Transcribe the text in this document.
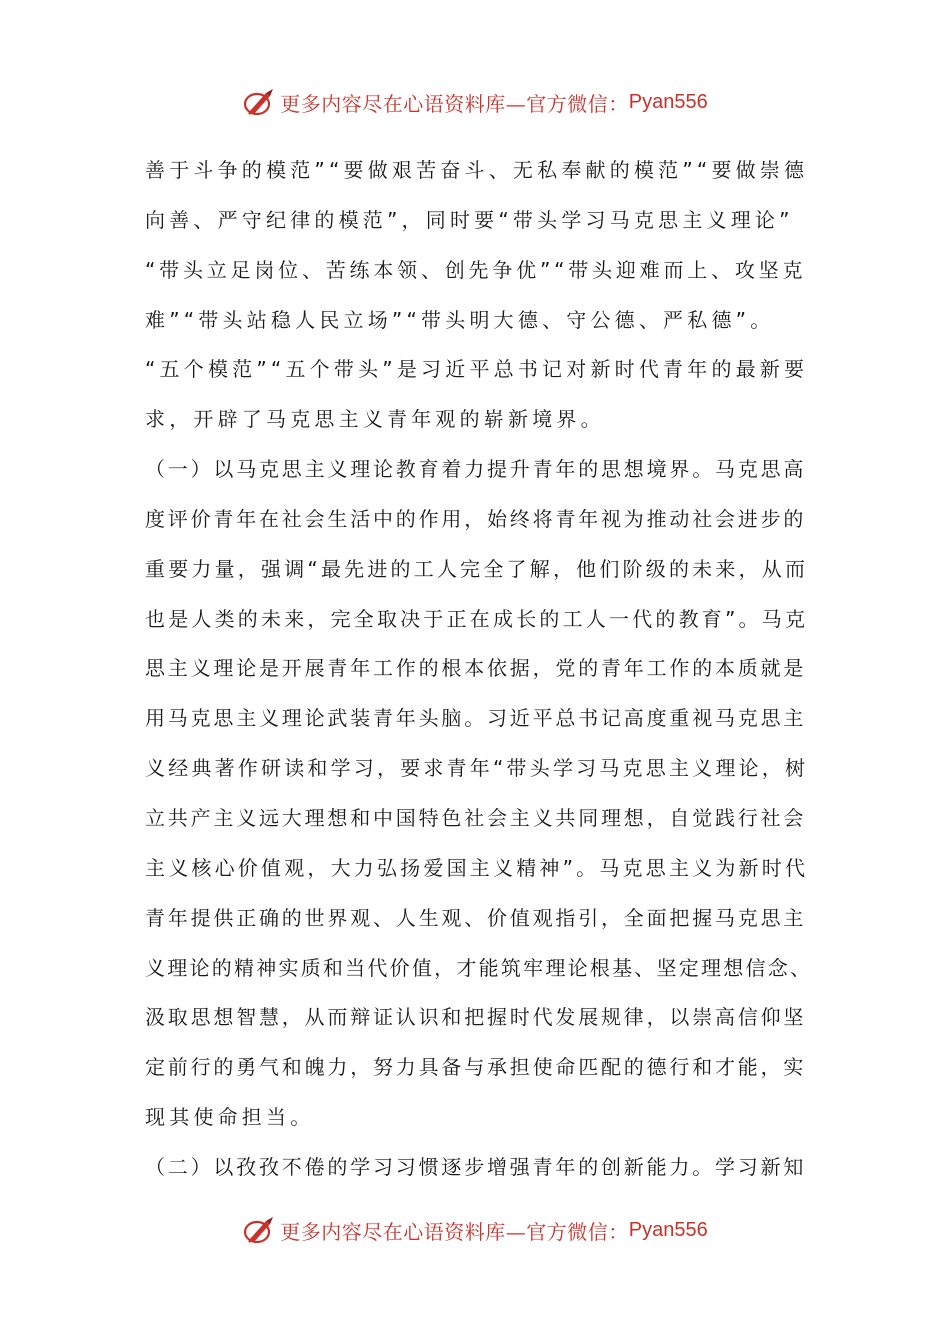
更多内容尽在心语资料库—官方微信： Pyan556
善于斗争的模范”“要做艰苦奋斗、无私奉献的模范”“要做崇德
向善、严守纪律的模范”，同时要“带头学习马克思主义理论”
“带头立足岗位、苦练本领、创先争优”“带头迎难而上、攻坚克
难”“带头站稳人民立场”“带头明大德、守公德、严私德”。
“五个模范”“五个带头”是习近平总书记对新时代青年的最新要
求，开辟了马克思主义青年观的崭新境界。
（一）以马克思主义理论教育着力提升青年的思想境界。马克思高
度评价青年在社会生活中的作用，始终将青年视为推动社会进步的
重要力量，强调“最先进的工人完全了解，他们阶级的未来，从而
也是人类的未来，完全取决于正在成长的工人一代的教育”。马克
思主义理论是开展青年工作的根本依据，党的青年工作的本质就是
用马克思主义理论武装青年头脑。习近平总书记高度重视马克思主
义经典著作研读和学习，要求青年“带头学习马克思主义理论，树
立共产主义远大理想和中国特色社会主义共同理想，自觉践行社会
主义核心价值观，大力弘扬爱国主义精神”。马克思主义为新时代
青年提供正确的世界观、人生观、价值观指引，全面把握马克思主
义理论的精神实质和当代价值，才能筑牢理论根基、坚定理想信念、
汲取思想智慧，从而辩证认识和把握时代发展规律，以崇高信仰坚
定前行的勇气和魄力，努力具备与承担使命匹配的德行和才能，实
现其使命担当。
（二）以孜孜不倦的学习习惯逐步增强青年的创新能力。学习新知
更多内容尽在心语资料库—官方微信： Pyan556
